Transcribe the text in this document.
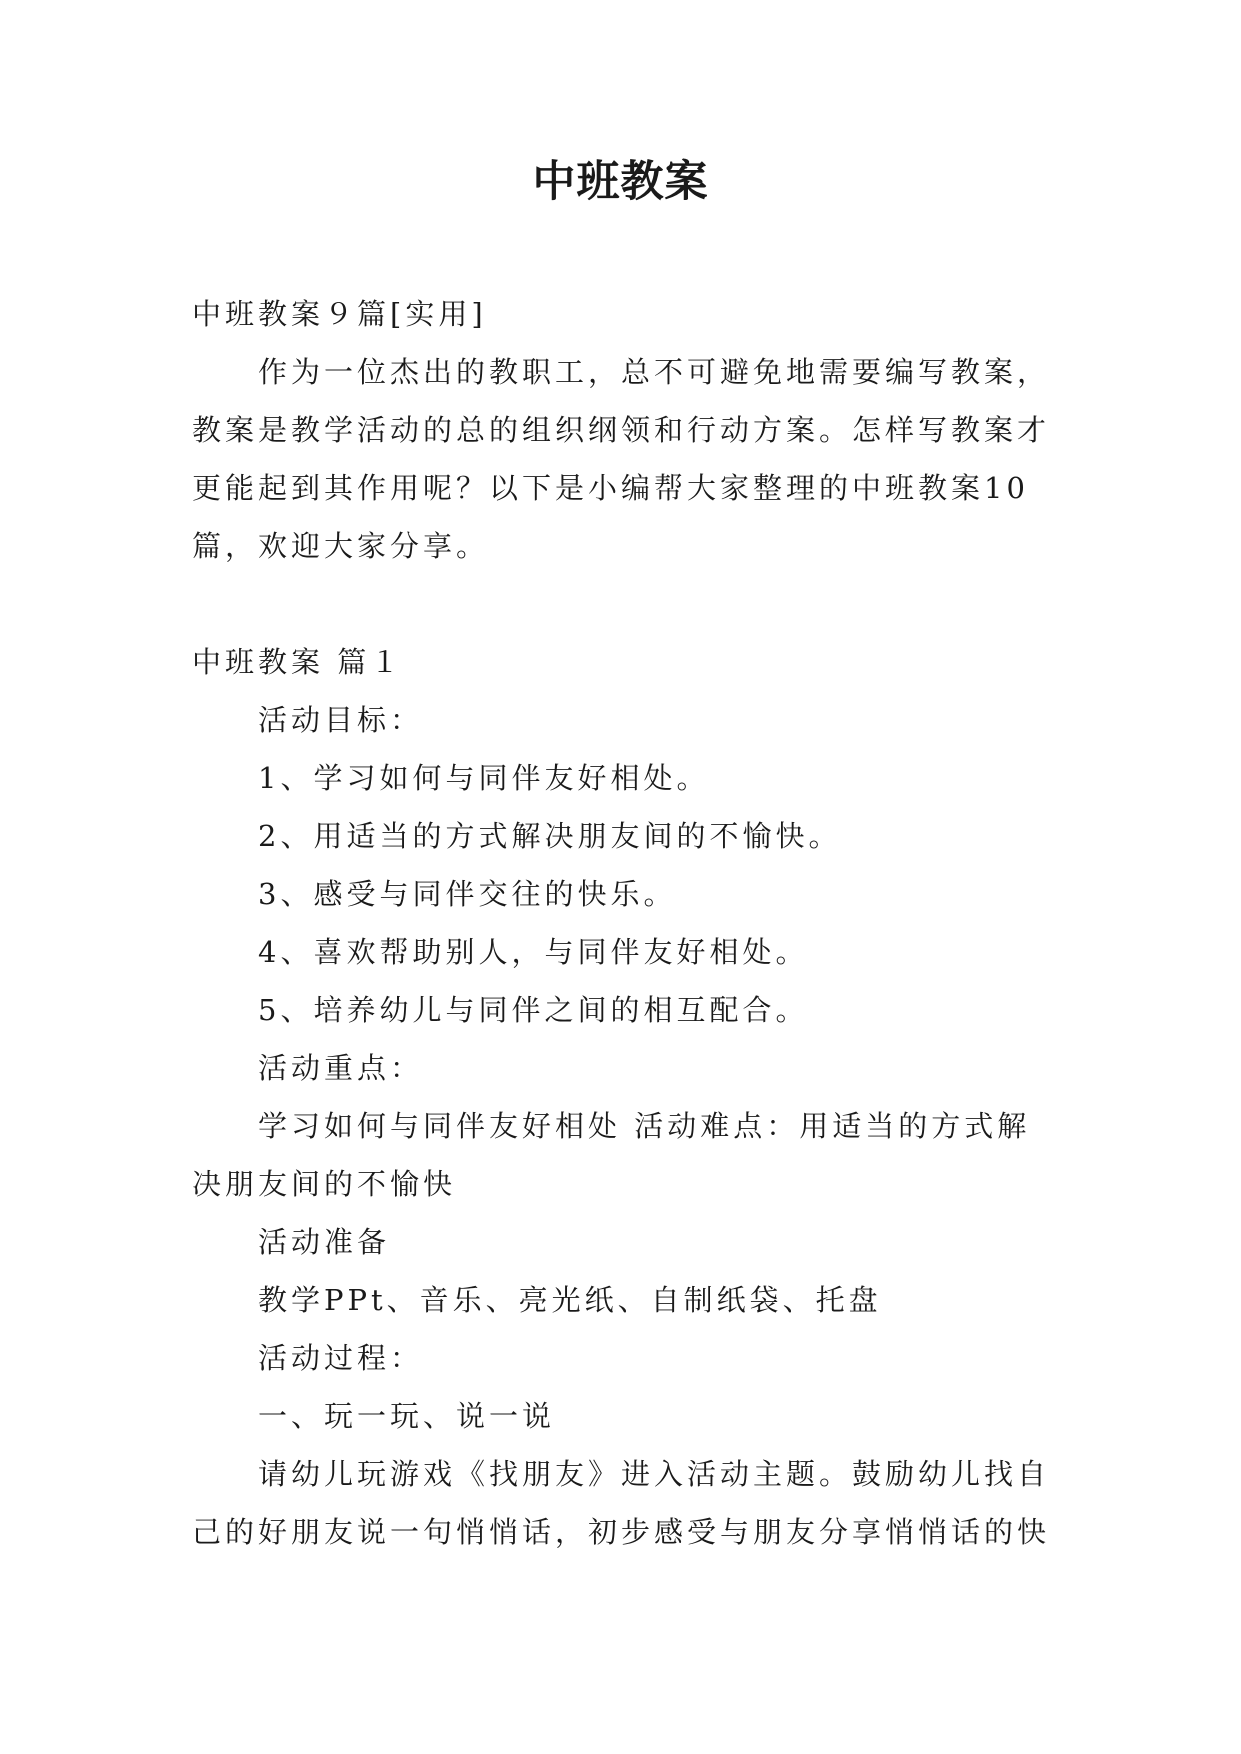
中班教案

中班教案９篇[实用]

作为一位杰出的教职工，总不可避免地需要编写教案，

教案是教学活动的总的组织纲领和行动方案。怎样写教案才

更能起到其作用呢？以下是小编帮大家整理的中班教案10

篇，欢迎大家分享。

中班教案 篇１

活动目标：

1、学习如何与同伴友好相处。

2、用适当的方式解决朋友间的不愉快。

3、感受与同伴交往的快乐。

4、喜欢帮助别人，与同伴友好相处。

5、培养幼儿与同伴之间的相互配合。

活动重点：

学习如何与同伴友好相处 活动难点：用适当的方式解

决朋友间的不愉快

活动准备

教学PPt、音乐、亮光纸、自制纸袋、托盘

活动过程：

一、玩一玩、说一说

请幼儿玩游戏《找朋友》进入活动主题。鼓励幼儿找自

己的好朋友说一句悄悄话，初步感受与朋友分享悄悄话的快
